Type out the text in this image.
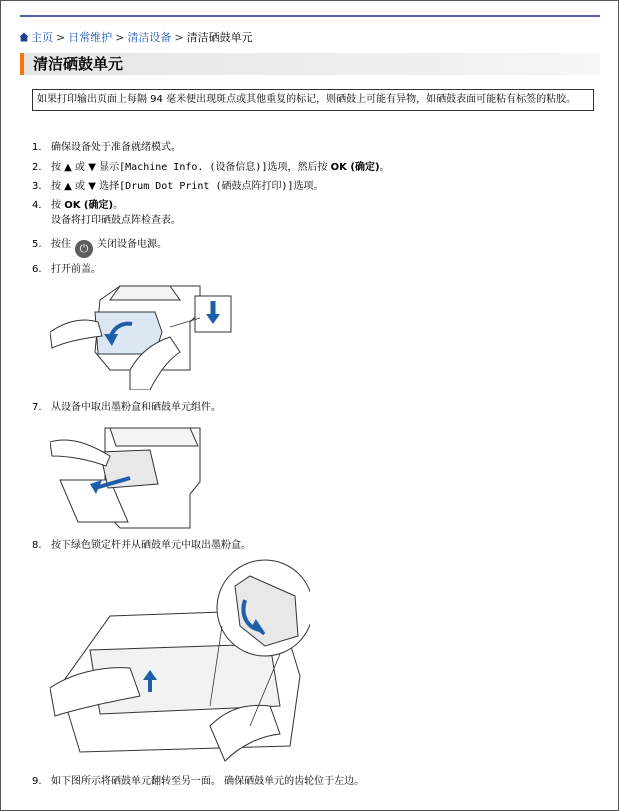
主页 > 日常维护 > 清洁设备 > 清洁硒鼓单元
清洁硒鼓单元
如果打印输出页面上每隔 94 毫米便出现斑点或其他重复的标记，则硒鼓上可能有异物，如硒鼓表面可能粘有标签的粘胶。
1. 确保设备处于准备就绪模式。
2. 按 ▲ 或 ▼ 显示[Machine Info. (设备信息)]选项，然后按 OK (确定)。
3. 按 ▲ 或 ▼ 选择[Drum Dot Print (硒鼓点阵打印)]选项。
4. 按 OK (确定)。
设备将打印硒鼓点阵检查表。
5. 按住 ⏻ 关闭设备电源。
6. 打开前盖。
7. 从设备中取出墨粉盒和硒鼓单元组件。
8. 按下绿色锁定杆并从硒鼓单元中取出墨粉盒。
9. 如下图所示将硒鼓单元翻转至另一面。 确保硒鼓单元的齿轮位于左边。
